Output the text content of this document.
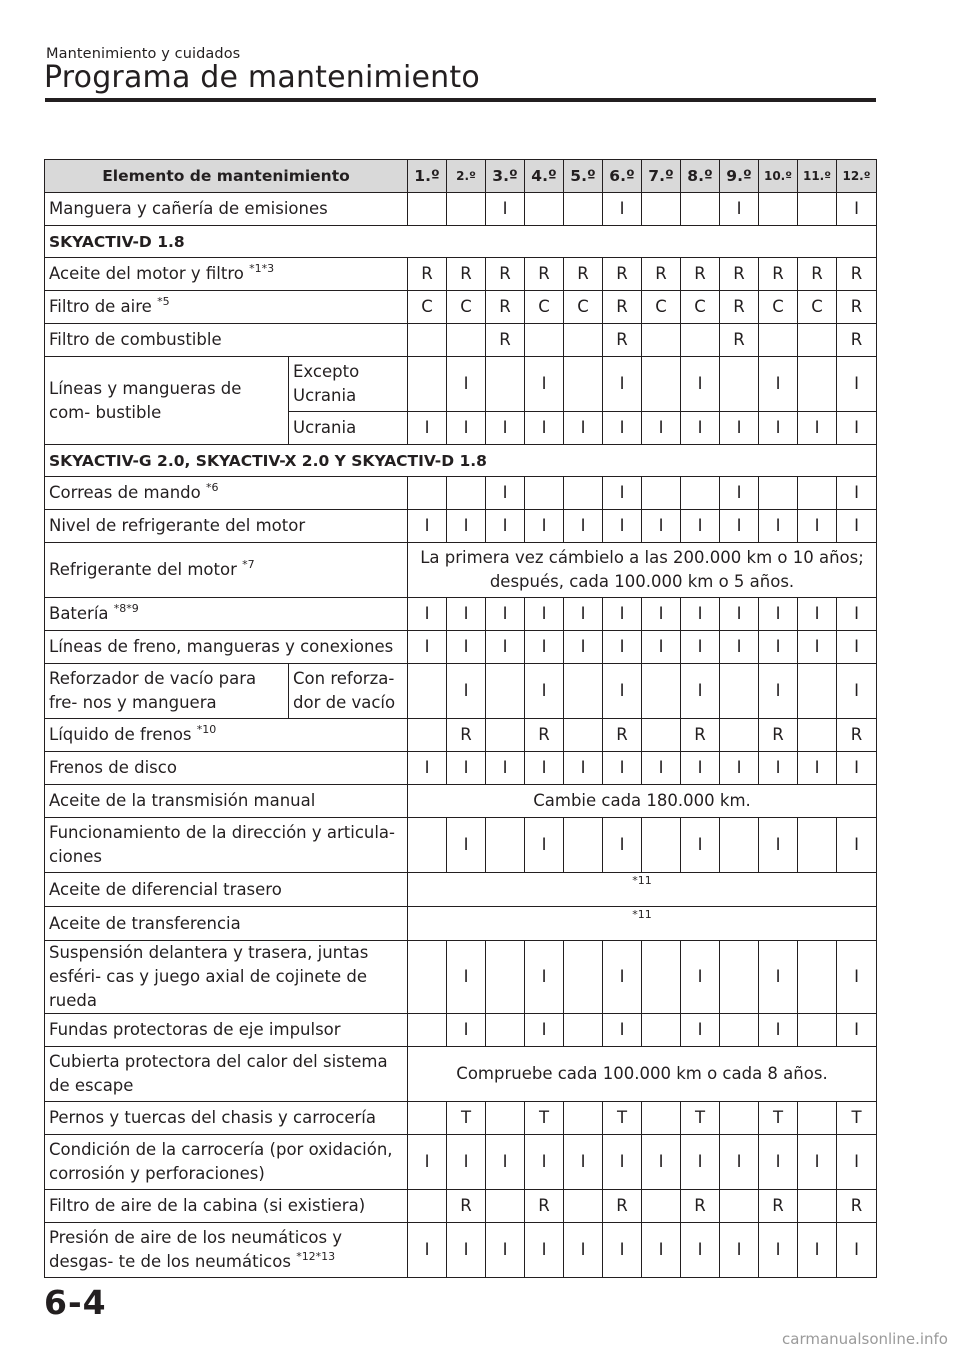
Mantenimiento y cuidados
Programa de mantenimiento
Elemento de mantenimiento		1.º	2.º	3.º	4.º	5.º	6.º	7.º	8.º	9.º	10.º	11.º	12.º
Manguera y cañería de emisiones				I			I			I			I
SKYACTIV-D 1.8													
Aceite del motor y filtro $^{*1*3}$		R	R	R	R	R	R	R	R	R	R	R	R
Filtro de aire $^{*5}$		C	C	R	C	C	R	C	C	R	C	C	R
Filtro de combustible				R			R			R			R
Líneas y mangueras de com- bustible	Excepto Ucrania		I		I		I		I		I		I
	Ucrania	I	I	I	I	I	I	I	I	I	I	I	I
SKYACTIV-G 2.0, SKYACTIV-X 2.0 Y SKYACTIV-D 1.8													
Correas de mando $^{*6}$				I			I			I			I
Nivel de refrigerante del motor		I	I	I	I	I	I	I	I	I	I	I	I
Refrigerante del motor $^{*7}$		La primera vez cámbielo a las 200.000 km o 10 años; después, cada 100.000 km o 5 años.											
Batería $^{*8*9}$		I	I	I	I	I	I	I	I	I	I	I	I
Líneas de freno, mangueras y conexiones		I	I	I	I	I	I	I	I	I	I	I	I
Reforzador de vacío para fre- nos y manguera	Con reforza- dor de vacío		I		I		I		I		I		I
Líquido de frenos $^{*10}$			R		R		R		R		R		R
Frenos de disco		I	I	I	I	I	I	I	I	I	I	I	I
Aceite de la transmisión manual		Cambie cada 180.000 km.											
Funcionamiento de la dirección y articula- ciones			I		I		I		I		I		I
Aceite de diferencial trasero		$^{*11}$
Aceite de transferencia		$^{*11}$
Suspensión delantera y trasera, juntas esféri- cas y juego axial de cojinete de rueda			I		I		I		I		I		I
Fundas protectoras de eje impulsor			I		I		I		I		I		I
Cubierta protectora del calor del sistema de escape		Compruebe cada 100.000 km o cada 8 años.											
Pernos y tuercas del chasis y carrocería			T		T		T		T		T		T
Condición de la carrocería (por oxidación, corrosión y perforaciones)		I	I	I	I	I	I	I	I	I	I	I	I
Filtro de aire de la cabina (si existiera)			R		R		R		R		R		R
Presión de aire de los neumáticos y desgas- te de los neumáticos $^{*12*13}$		I	I	I	I	I	I	I	I	I	I	I	I
6-4
carmanualsonline.info
